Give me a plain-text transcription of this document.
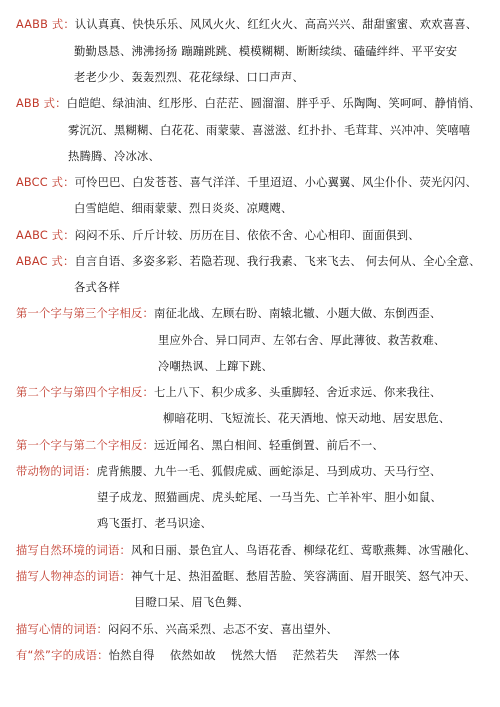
AABB 式：认认真真、快快乐乐、风风火火、红红火火、高高兴兴、甜甜蜜蜜、欢欢喜喜、
勤勤恳恳、沸沸扬扬 蹦蹦跳跳、模模糊糊、断断续续、磕磕绊绊、平平安安
老老少少、轰轰烈烈、花花绿绿、口口声声、
ABB 式：白皑皑、绿油油、红彤彤、白茫茫、圆溜溜、胖乎乎、乐陶陶、笑呵呵、静悄悄、
雾沉沉、黑糊糊、白花花、雨蒙蒙、喜滋滋、红扑扑、毛茸茸、兴冲冲、笑嘻嘻
热腾腾、冷冰冰、
ABCC 式：可怜巴巴、白发苍苍、喜气洋洋、千里迢迢、小心翼翼、风尘仆仆、荧光闪闪、
白雪皑皑、细雨蒙蒙、烈日炎炎、凉飕飕、
AABC 式：闷闷不乐、斤斤计较、历历在目、依依不舍、心心相印、面面俱到、
ABAC 式：自言自语、多姿多彩、若隐若现、我行我素、飞来飞去、 何去何从、全心全意、
各式各样
第一个字与第三个字相反：南征北战、左顾右盼、南辕北辙、小题大做、东倒西歪、
里应外合、异口同声、左邻右舍、厚此薄彼、救苦救难、
冷嘲热讽、上蹿下跳、
第二个字与第四个字相反：七上八下、积少成多、头重脚轻、舍近求远、你来我往、
柳暗花明、飞短流长、花天酒地、惊天动地、居安思危、
第一个字与第二个字相反：远近闻名、黑白相间、轻重倒置、前后不一、
带动物的词语：虎背熊腰、九牛一毛、狐假虎威、画蛇添足、马到成功、天马行空、
望子成龙、照猫画虎、虎头蛇尾、一马当先、亡羊补牢、胆小如鼠、
鸡飞蛋打、老马识途、
描写自然环境的词语：风和日丽、景色宜人、鸟语花香、柳绿花红、莺歌燕舞、冰雪融化、
描写人物神态的词语：神气十足、热泪盈眶、愁眉苦脸、笑容满面、眉开眼笑、怒气冲天、
目瞪口呆、眉飞色舞、
描写心情的词语：闷闷不乐、兴高采烈、忐忑不安、喜出望外、
有“然”字的成语：怡然自得　 依然如故　 恍然大悟　 茫然若失　 浑然一体
